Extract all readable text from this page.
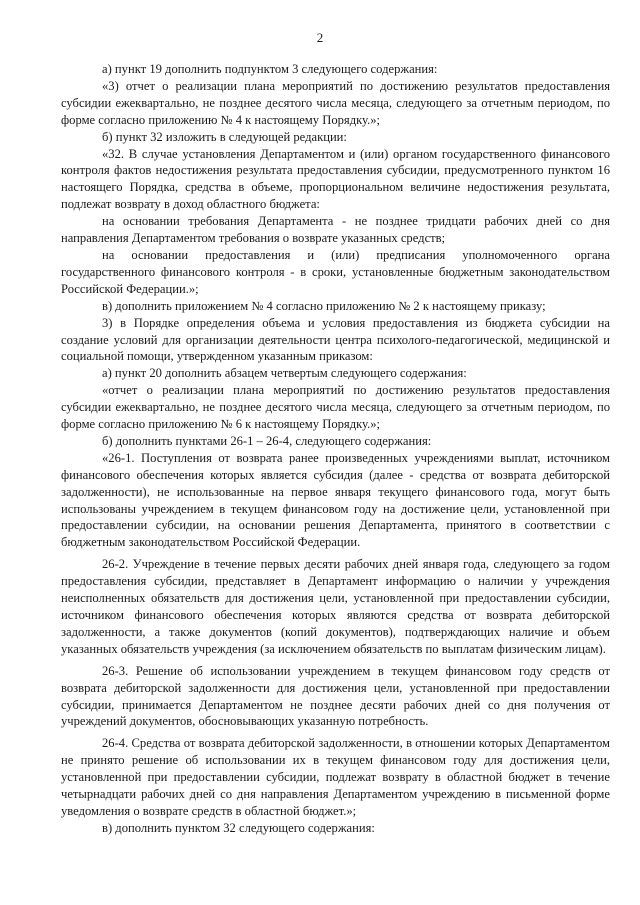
2

а) пункт 19 дополнить подпунктом 3 следующего содержания:

«3) отчет о реализации плана мероприятий по достижению результатов предоставления субсидии ежеквартально, не позднее десятого числа месяца, следующего за отчетным периодом, по форме согласно приложению № 4 к настоящему Порядку.»;

б) пункт 32 изложить в следующей редакции:

«32. В случае установления Департаментом и (или) органом государственного финансового контроля фактов недостижения результата предоставления субсидии, предусмотренного пунктом 16 настоящего Порядка, средства в объеме, пропорциональном величине недостижения результата, подлежат возврату в доход областного бюджета:

на основании требования Департамента - не позднее тридцати рабочих дней со дня направления Департаментом требования о возврате указанных средств;

на основании предоставления и (или) предписания уполномоченного органа государственного финансового контроля - в сроки, установленные бюджетным законодательством Российской Федерации.»;

в) дополнить приложением № 4 согласно приложению № 2 к настоящему приказу;

3) в Порядке определения объема и условия предоставления из бюджета субсидии на создание условий для организации деятельности центра психолого-педагогической, медицинской и социальной помощи, утвержденном указанным приказом:

а) пункт 20 дополнить абзацем четвертым следующего содержания:

«отчет о реализации плана мероприятий по достижению результатов предоставления субсидии ежеквартально, не позднее десятого числа месяца, следующего за отчетным периодом, по форме согласно приложению № 6 к настоящему Порядку.»;

б) дополнить пунктами 26-1 – 26-4, следующего содержания:

«26-1. Поступления от возврата ранее произведенных учреждениями выплат, источником финансового обеспечения которых является субсидия (далее - средства от возврата дебиторской задолженности), не использованные на первое января текущего финансового года, могут быть использованы учреждением в текущем финансовом году на достижение цели, установленной при предоставлении субсидии, на основании решения Департамента, принятого в соответствии с бюджетным законодательством Российской Федерации.

26-2. Учреждение в течение первых десяти рабочих дней января года, следующего за годом предоставления субсидии, представляет в Департамент информацию о наличии у учреждения неисполненных обязательств для достижения цели, установленной при предоставлении субсидии, источником финансового обеспечения которых являются средства от возврата дебиторской задолженности, а также документов (копий документов), подтверждающих наличие и объем указанных обязательств учреждения (за исключением обязательств по выплатам физическим лицам).

26-3. Решение об использовании учреждением в текущем финансовом году средств от возврата дебиторской задолженности для достижения цели, установленной при предоставлении субсидии, принимается Департаментом не позднее десяти рабочих дней со дня получения от учреждений документов, обосновывающих указанную потребность.

26-4. Средства от возврата дебиторской задолженности, в отношении которых Департаментом не принято решение об использовании их в текущем финансовом году для достижения цели, установленной при предоставлении субсидии, подлежат возврату в областной бюджет в течение четырнадцати рабочих дней со дня направления Департаментом учреждению в письменной форме уведомления о возврате средств в областной бюджет.»;

в) дополнить пунктом 32 следующего содержания:
